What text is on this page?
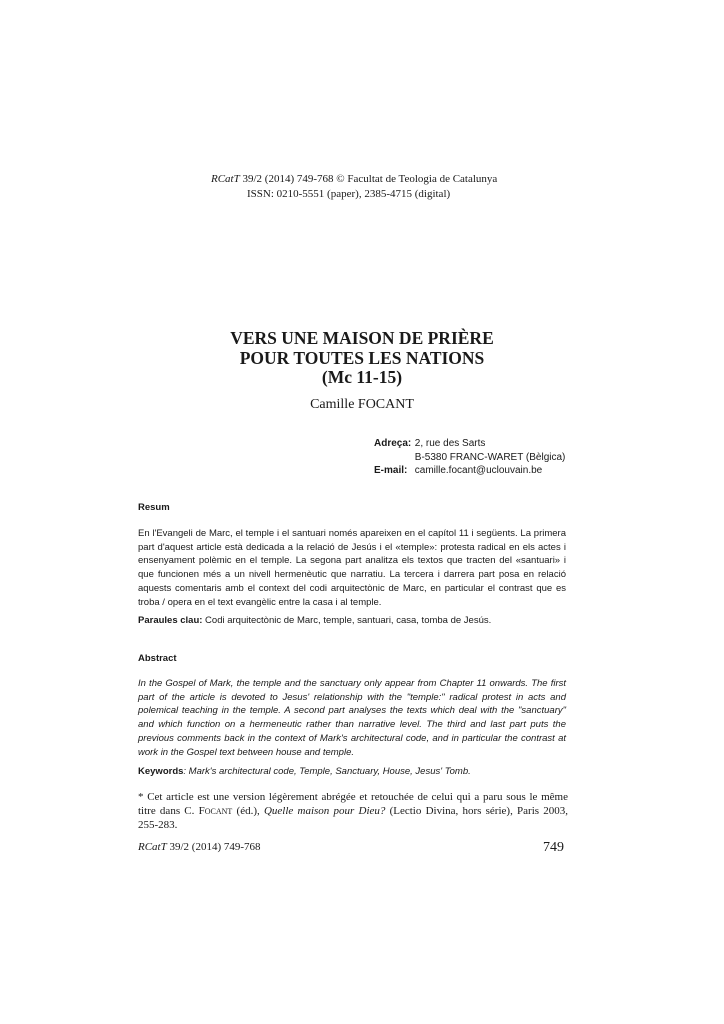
RCatT 39/2 (2014) 749-768 © Facultat de Teologia de Catalunya
ISSN: 0210-5551 (paper), 2385-4715 (digital)
VERS UNE MAISON DE PRIÈRE
POUR TOUTES LES NATIONS
(Mc 11-15)
Camille FOCANT
Adreça: 2, rue des Sarts
B-5380 FRANC-WARET (Bèlgica)
E-mail: camille.focant@uclouvain.be
Resum
En l'Evangeli de Marc, el temple i el santuari només apareixen en el capítol 11 i següents. La primera part d'aquest article està dedicada a la relació de Jesús i el «temple»: protesta radical en els actes i ensenyament polèmic en el temple. La segona part analitza els textos que tracten del «santuari» i que funcionen més a un nivell hermenèutic que narratiu. La tercera i darrera part posa en relació aquests comentaris amb el context del codi arquitectònic de Marc, en particular el contrast que es troba / opera en el text evangèlic entre la casa i al temple.
Paraules clau: Codi arquitectònic de Marc, temple, santuari, casa, tomba de Jesús.
Abstract
In the Gospel of Mark, the temple and the sanctuary only appear from Chapter 11 onwards. The first part of the article is devoted to Jesus' relationship with the "temple:" radical protest in acts and polemical teaching in the temple. A second part analyses the texts which deal with the "sanctuary" and which function on a hermeneutic rather than narrative level. The third and last part puts the previous comments back in the context of Mark's architectural code, and in particular the contrast at work in the Gospel text between house and temple.
Keywords: Mark's architectural code, Temple, Sanctuary, House, Jesus' Tomb.
* Cet article est une version légèrement abrégée et retouchée de celui qui a paru sous le même titre dans C. Focant (éd.), Quelle maison pour Dieu? (Lectio Divina, hors série), Paris 2003, 255-283.
RCatT 39/2 (2014) 749-768	749
